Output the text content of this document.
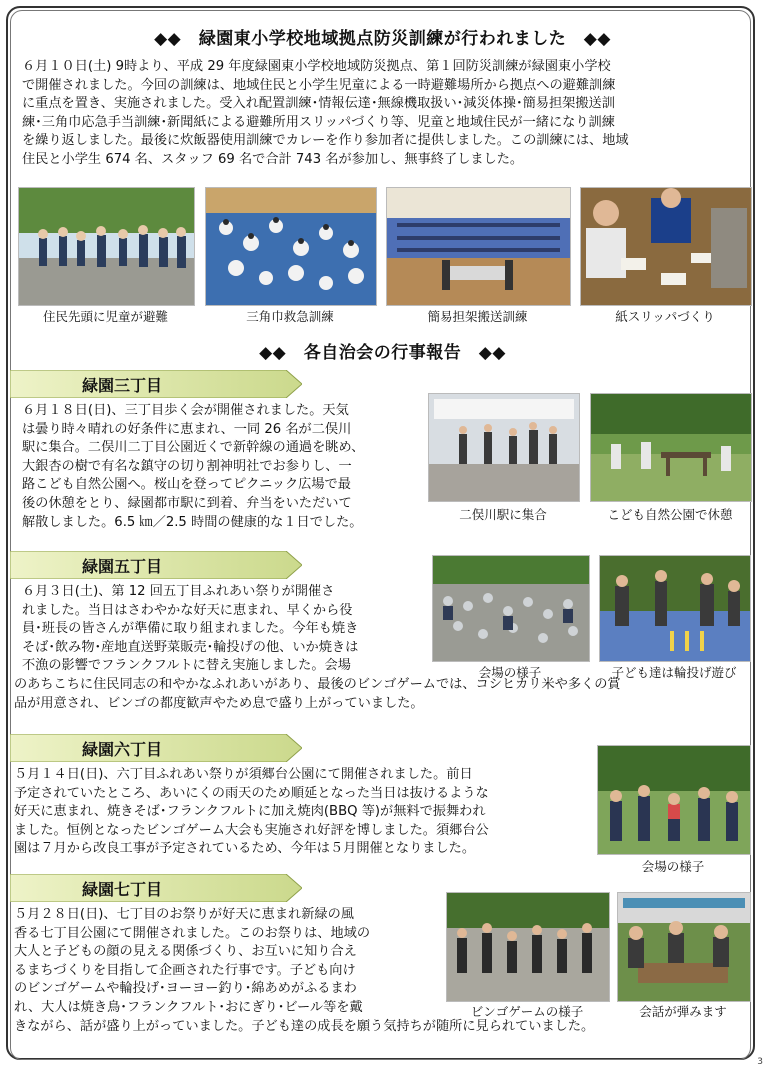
◆◆　緑園東小学校地域拠点防災訓練が行われました　◆◆
６月１０日(土) 9時より、平成 29 年度緑園東小学校地域防災拠点、第１回防災訓練が緑園東小学校
で開催されました。今回の訓練は、地域住民と小学生児童による一時避難場所から拠点への避難訓練
に重点を置き、実施されました。受入れ配置訓練･情報伝達･無線機取扱い･減災体操･簡易担架搬送訓
練･三角巾応急手当訓練･新聞紙による避難所用スリッパづくり等、児童と地域住民が一緒になり訓練
を繰り返しました。最後に炊飯器使用訓練でカレーを作り参加者に提供しました。この訓練には、地域
住民と小学生 674 名、スタッフ 69 名で合計 743 名が参加し、無事終了しました。
住民先頭に児童が避難	三角巾救急訓練	簡易担架搬送訓練	紙スリッパづくり
◆◆　各自治会の行事報告　◆◆
緑園三丁目
６月１８日(日)、三丁目歩く会が開催されました。天気
は曇り時々晴れの好条件に恵まれ、一同 26 名が二俣川
駅に集合。二俣川二丁目公園近くで新幹線の通過を眺め、
大銀杏の樹で有名な鎮守の切り割神明社でお参りし、一
路こども自然公園へ。桜山を登ってピクニック広場で最
後の休憩をとり、緑園都市駅に到着、弁当をいただいて
解散しました。6.5 ㎞／2.5 時間の健康的な１日でした。
二俣川駅に集合	こども自然公園で休憩
緑園五丁目
６月３日(土)、第 12 回五丁目ふれあい祭りが開催さ
れました。当日はさわやかな好天に恵まれ、早くから役
員･班長の皆さんが準備に取り組まれました。今年も焼き
そば･飲み物･産地直送野菜販売･輪投げの他、いか焼きは
不漁の影響でフランクフルトに替え実施しました。会場
のあちこちに住民同志の和やかなふれあいがあり、最後のビンゴゲームでは、コシヒカリ米や多くの賞
品が用意され、ビンゴの都度歓声やため息で盛り上がっていました。
会場の様子	子ども達は輪投げ遊び
緑園六丁目
５月１４日(日)、六丁目ふれあい祭りが須郷台公園にて開催されました。前日
予定されていたところ、あいにくの雨天のため順延となった当日は抜けるような
好天に恵まれ、焼きそば･フランクフルトに加え焼肉(BBQ 等)が無料で振舞われ
ました。恒例となったビンゴゲーム大会も実施され好評を博しました。須郷台公
園は７月から改良工事が予定されているため、今年は５月開催となりました。
会場の様子
緑園七丁目
５月２８日(日)、七丁目のお祭りが好天に恵まれ新緑の風
香る七丁目公園にて開催されました。このお祭りは、地域の
大人と子どもの顔の見える関係づくり、お互いに知り合え
るまちづくりを目指して企画された行事です。子ども向け
のビンゴゲームや輪投げ･ヨーヨー釣り･綿あめがふるまわ
れ、大人は焼き鳥･フランクフルト･おにぎり･ビール等を戴
きながら、話が盛り上がっていました。子ども達の成長を願う気持ちが随所に見られていました。
ビンゴゲームの様子	会話が弾みます
3
